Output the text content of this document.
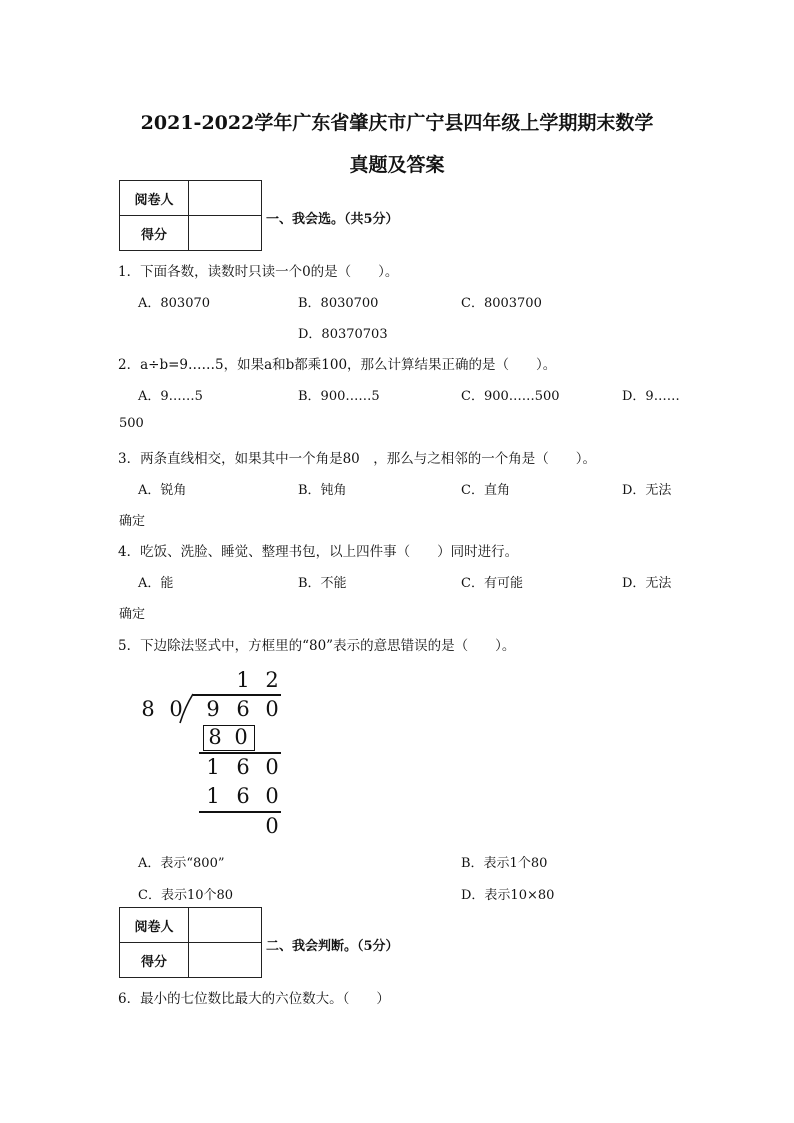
2021-2022学年广东省肇庆市广宁县四年级上学期期末数学
真题及答案
阅卷人	
得分	
一、我会选。（共5分）
1．下面各数，读数时只读一个0的是（　　）。
A．803070	B．8030700	C．8003700
D．80370703
2．a÷b=9……5，如果a和b都乘100，那么计算结果正确的是（　　）。
A．9……5	B．900……5	C．900……500	D．9……
500
3．两条直线相交，如果其中一个角是80　，那么与之相邻的一个角是（　　）。
A．锐角	B．钝角	C．直角	D．无法
确定
4．吃饭、洗脸、睡觉、整理书包，以上四件事（　　）同时进行。
A．能	B．不能	C．有可能	D．无法
确定
5．下边除法竖式中，方框里的“80”表示的意思错误的是（　　）。
1 2
8 0 9 6 0
8 0
1 6 0
1 6 0
0
A．表示“800”	B．表示1个80
C．表示10个80	D．表示10×80
阅卷人	
得分	
二、我会判断。（5分）
6．最小的七位数比最大的六位数大。（　　）
